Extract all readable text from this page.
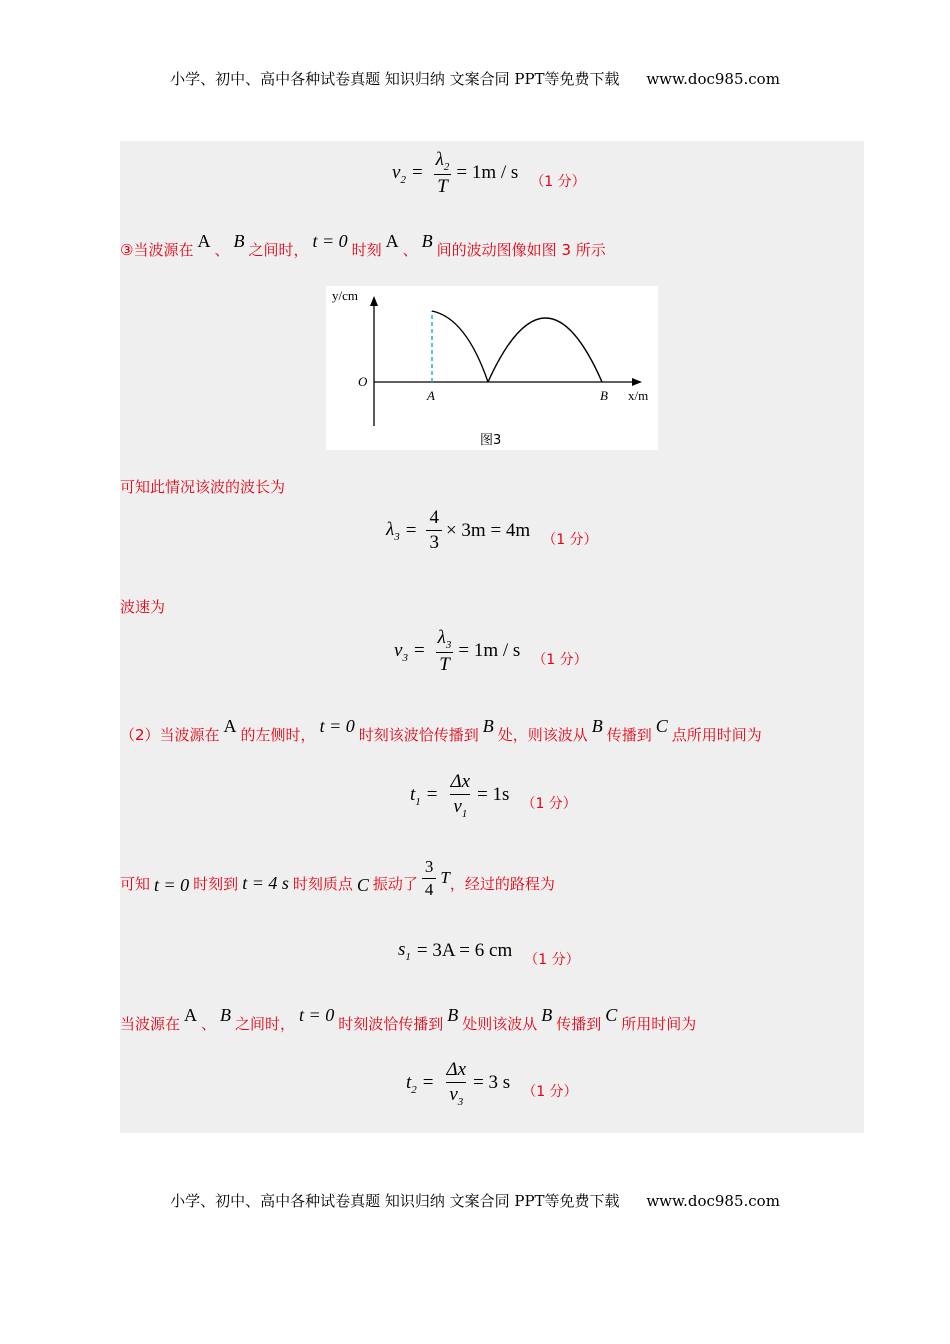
小学、初中、高中各种试卷真题 知识归纳 文案合同 PPT等免费下载 www.doc985.com
$v_2 = \frac{\lambda_2}{T} = 1m / s$ （1 分）
③当波源在 A 、 B 之间时， t = 0 时刻 A 、 B 间的波动图像如图 3 所示
y/cm
O
A	B x/m
图3
可知此情况该波的波长为
$\lambda_3 = \frac{4}{3} \times 3m = 4m$ （1 分）
波速为
$v_3 = \frac{\lambda_3}{T} = 1m / s$ （1 分）
（2）当波源在 A 的左侧时， t = 0 时刻该波恰传播到 B 处，则该波从 B 传播到 C 点所用时间为
$t_1 = \frac{\Delta x}{v_1} = 1s$ （1 分）
可知 t = 0 时刻到 t = 4 s 时刻质点 C 振动了 $\frac{3}{4}$ T ，经过的路程为
$s_1 = 3A = 6$ cm （1 分）
当波源在 A 、 B 之间时， t = 0 时刻波恰传播到 B 处则该波从 B 传播到 C 所用时间为
$t_2 = \frac{\Delta x}{v_3} = 3$ s （1 分）
小学、初中、高中各种试卷真题 知识归纳 文案合同 PPT等免费下载 www.doc985.com
